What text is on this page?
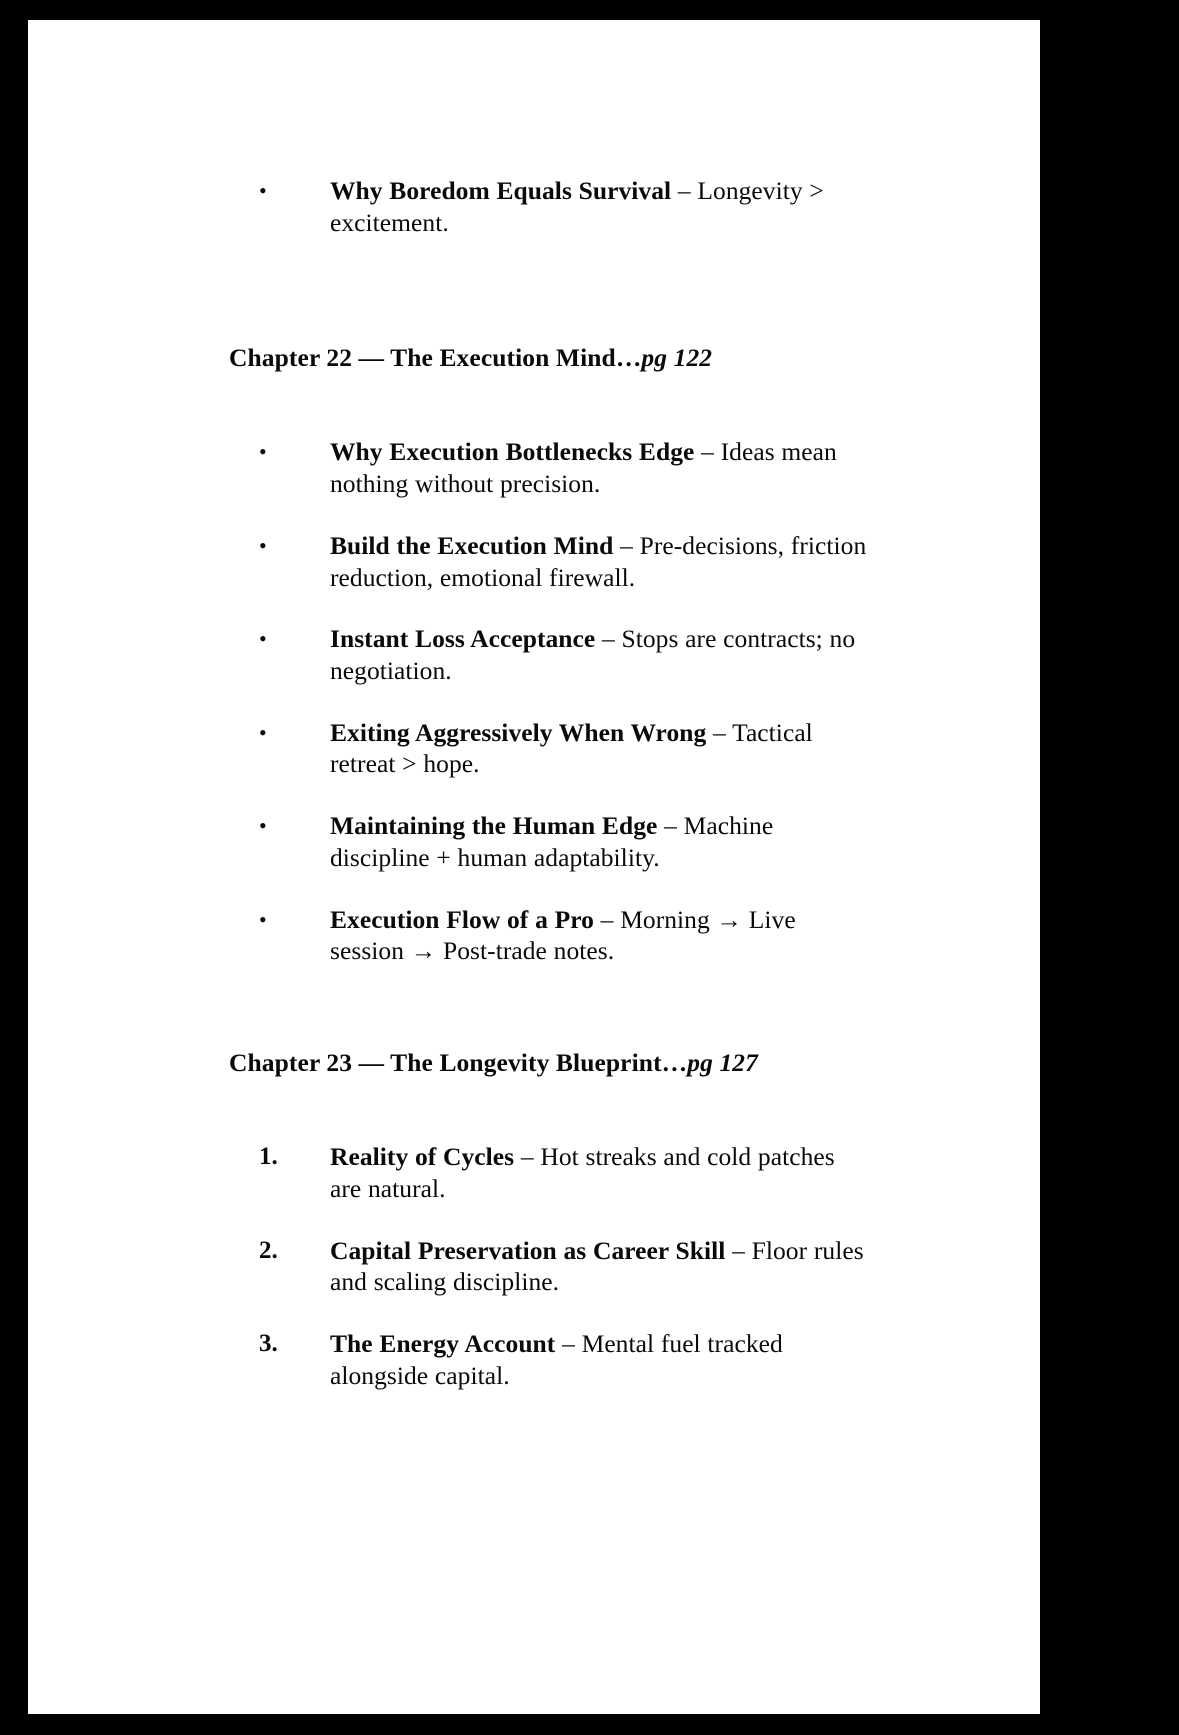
•	Why Boredom Equals Survival – Longevity > excitement.
Chapter 22 — The Execution Mind…pg 122
•	Why Execution Bottlenecks Edge – Ideas mean nothing without precision.
•	Build the Execution Mind – Pre-decisions, friction reduction, emotional firewall.
•	Instant Loss Acceptance – Stops are contracts; no negotiation.
•	Exiting Aggressively When Wrong – Tactical retreat > hope.
•	Maintaining the Human Edge – Machine discipline + human adaptability.
•	Execution Flow of a Pro – Morning → Live session → Post-trade notes.
Chapter 23 — The Longevity Blueprint…pg 127
1.	Reality of Cycles – Hot streaks and cold patches are natural.
2.	Capital Preservation as Career Skill – Floor rules and scaling discipline.
3.	The Energy Account – Mental fuel tracked alongside capital.
